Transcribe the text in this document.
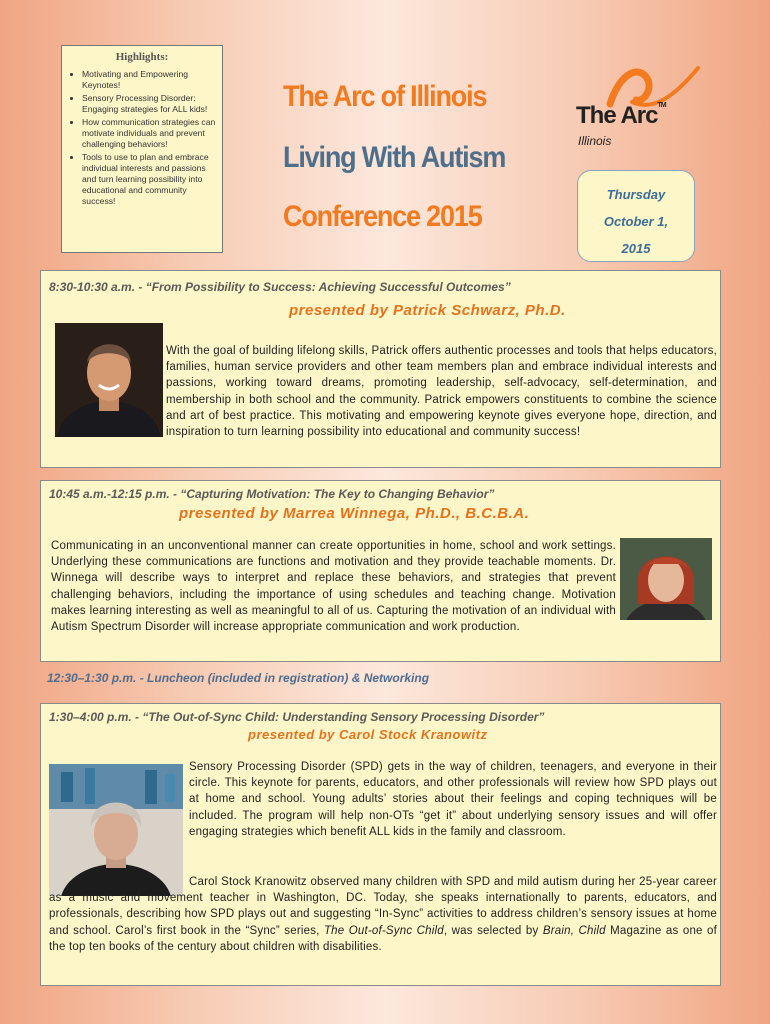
Highlights:
• Motivating and Empowering Keynotes!
• Sensory Processing Disorder: Engaging strategies for ALL kids!
• How communication strategies can motivate individuals and prevent challenging behaviors!
• Tools to use to plan and embrace individual interests and passions and turn learning possibility into educational and community success!
The Arc of Illinois
Living With Autism
Conference 2015
The Arc™
Illinois
Thursday
October 1,
2015
8:30-10:30 a.m. - “From Possibility to Success: Achieving Successful Outcomes”
presented by Patrick Schwarz, Ph.D.
With the goal of building lifelong skills, Patrick offers authentic processes and tools that helps educators, families, human service providers and other team members plan and embrace individual interests and passions, working toward dreams, promoting leadership, self-advocacy, self-determination, and membership in both school and the community. Patrick empowers constituents to combine the science and art of best practice. This motivating and empowering keynote gives everyone hope, direction, and inspiration to turn learning possibility into educational and community success!
10:45 a.m.-12:15 p.m. - “Capturing Motivation: The Key to Changing Behavior”
presented by Marrea Winnega, Ph.D., B.C.B.A.
Communicating in an unconventional manner can create opportunities in home, school and work settings. Underlying these communications are functions and motivation and they provide teachable moments. Dr. Winnega will describe ways to interpret and replace these behaviors, and strategies that prevent challenging behaviors, including the importance of using schedules and teaching change. Motivation makes learning interesting as well as meaningful to all of us. Capturing the motivation of an individual with Autism Spectrum Disorder will increase appropriate communication and work production.
12:30–1:30 p.m. - Luncheon (included in registration) & Networking
1:30–4:00 p.m. - “The Out-of-Sync Child: Understanding Sensory Processing Disorder”
presented by Carol Stock Kranowitz
Sensory Processing Disorder (SPD) gets in the way of children, teenagers, and everyone in their circle. This keynote for parents, educators, and other professionals will review how SPD plays out at home and school. Young adults’ stories about their feelings and coping techniques will be included. The program will help non-OTs “get it” about underlying sensory issues and will offer engaging strategies which benefit ALL kids in the family and classroom.
Carol Stock Kranowitz observed many children with SPD and mild autism during her 25-year career as a music and movement teacher in Washington, DC. Today, she speaks internationally to parents, educators, and professionals, describing how SPD plays out and suggesting “In-Sync” activities to address children’s sensory issues at home and school. Carol’s first book in the “Sync” series, The Out-of-Sync Child, was selected by Brain, Child Magazine as one of the top ten books of the century about children with disabilities.
